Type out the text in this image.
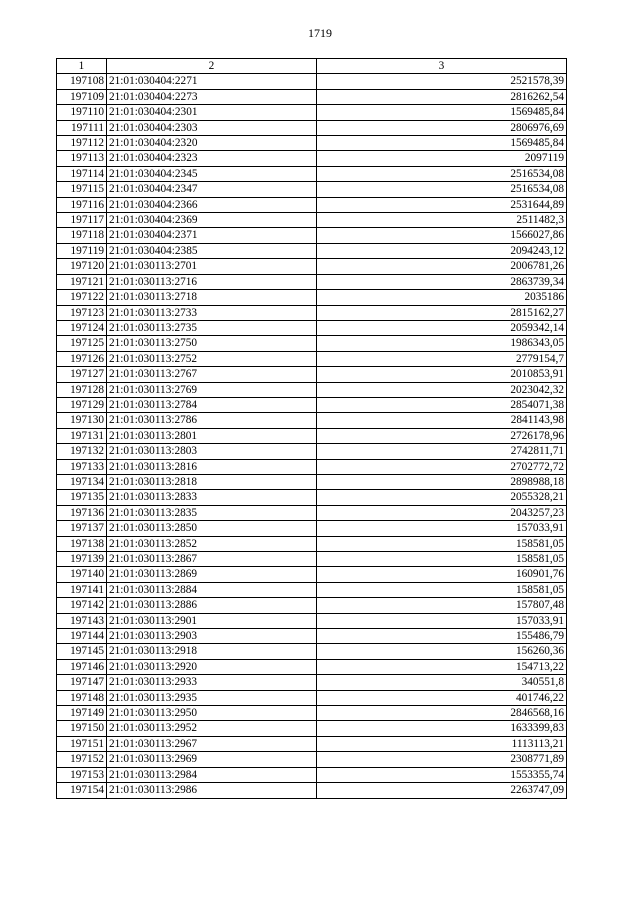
1719
1	2	3
197108	21:01:030404:2271	2521578,39
197109	21:01:030404:2273	2816262,54
197110	21:01:030404:2301	1569485,84
197111	21:01:030404:2303	2806976,69
197112	21:01:030404:2320	1569485,84
197113	21:01:030404:2323	2097119
197114	21:01:030404:2345	2516534,08
197115	21:01:030404:2347	2516534,08
197116	21:01:030404:2366	2531644,89
197117	21:01:030404:2369	2511482,3
197118	21:01:030404:2371	1566027,86
197119	21:01:030404:2385	2094243,12
197120	21:01:030113:2701	2006781,26
197121	21:01:030113:2716	2863739,34
197122	21:01:030113:2718	2035186
197123	21:01:030113:2733	2815162,27
197124	21:01:030113:2735	2059342,14
197125	21:01:030113:2750	1986343,05
197126	21:01:030113:2752	2779154,7
197127	21:01:030113:2767	2010853,91
197128	21:01:030113:2769	2023042,32
197129	21:01:030113:2784	2854071,38
197130	21:01:030113:2786	2841143,98
197131	21:01:030113:2801	2726178,96
197132	21:01:030113:2803	2742811,71
197133	21:01:030113:2816	2702772,72
197134	21:01:030113:2818	2898988,18
197135	21:01:030113:2833	2055328,21
197136	21:01:030113:2835	2043257,23
197137	21:01:030113:2850	157033,91
197138	21:01:030113:2852	158581,05
197139	21:01:030113:2867	158581,05
197140	21:01:030113:2869	160901,76
197141	21:01:030113:2884	158581,05
197142	21:01:030113:2886	157807,48
197143	21:01:030113:2901	157033,91
197144	21:01:030113:2903	155486,79
197145	21:01:030113:2918	156260,36
197146	21:01:030113:2920	154713,22
197147	21:01:030113:2933	340551,8
197148	21:01:030113:2935	401746,22
197149	21:01:030113:2950	2846568,16
197150	21:01:030113:2952	1633399,83
197151	21:01:030113:2967	1113113,21
197152	21:01:030113:2969	2308771,89
197153	21:01:030113:2984	1553355,74
197154	21:01:030113:2986	2263747,09
